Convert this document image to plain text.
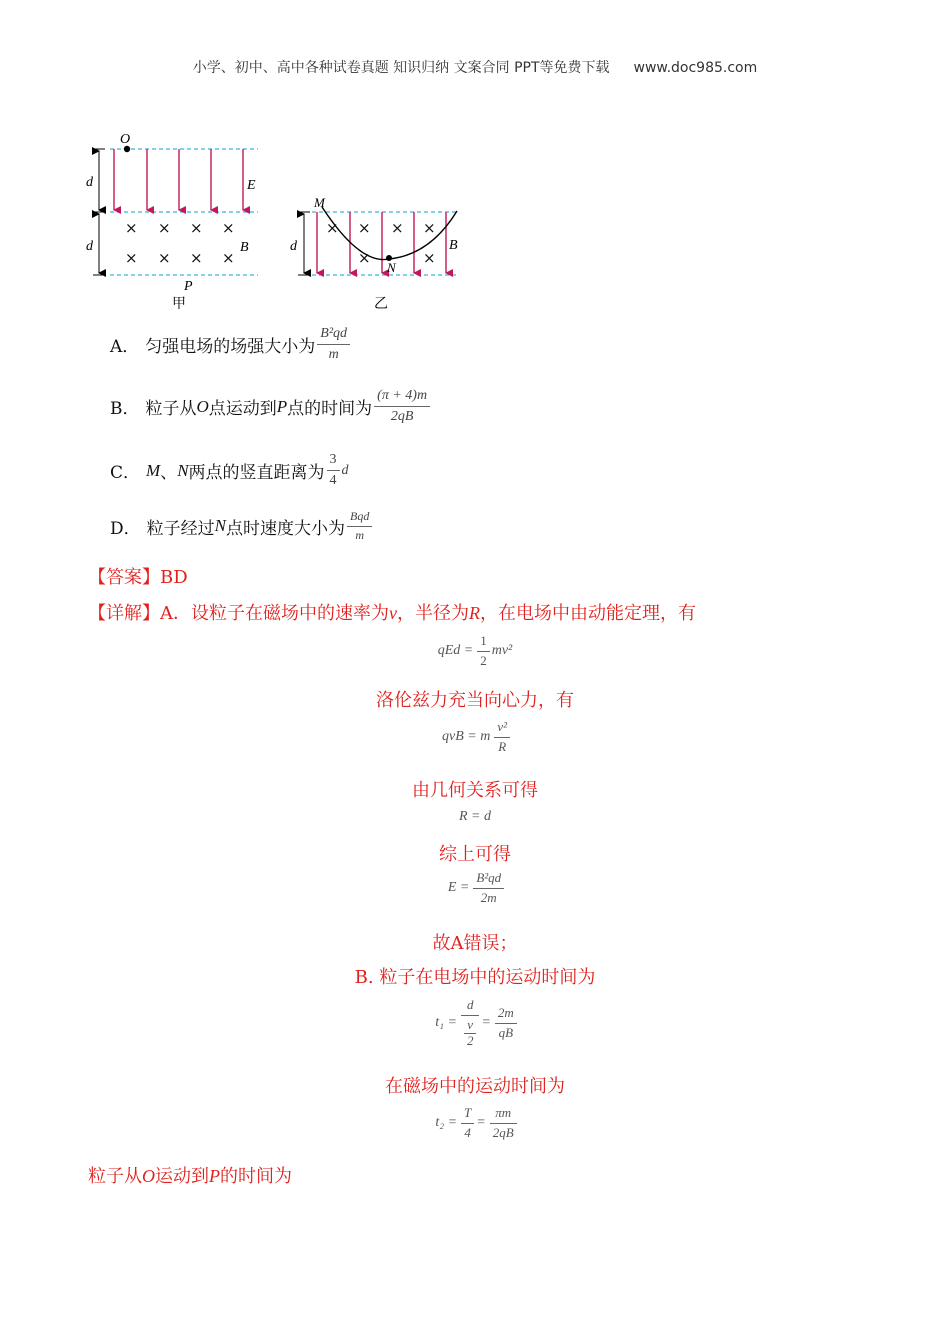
小学、初中、高中各种试卷真题 知识归纳 文案合同 PPT等免费下载 www.doc985.com
O
E
B
P
甲
d
d
× × × ×
× × × ×
M
N
B
乙
d
× × × ×
×	×
A． 匀强电场的场强大小为 $\frac{\text{B²qd}}{m}$
B． 粒子从 O 点运动到 P 点的时间为 $\frac{(\pi + 4)m}{2qB}$
C． M 、 N 两点的竖直距离为 $\frac{3}{4}$ d
D． 粒子经过 N 点时速度大小为 $\frac{\text{Bqd}}{m}$
【答案】BD
【详解】A．设粒子在磁场中的速率为v，半径为R，在电场中由动能定理，有
qEd = $\frac{1}{2} mv^2$
洛伦兹力充当向心力，有
qvB = m $\frac{\text{v²}}{R}$
由几何关系可得
R = d
综上可得
$E = \frac{\text{B²qd}}{2m}$
故A错误；
B. 粒子在电场中的运动时间为
t₁ = d
v
$2 = \frac{2m}{qB}$
在磁场中的运动时间为
$t_2 = \frac{T}{4} = \frac{\pi m}{2qB}$
粒子从O运动到P的时间为
